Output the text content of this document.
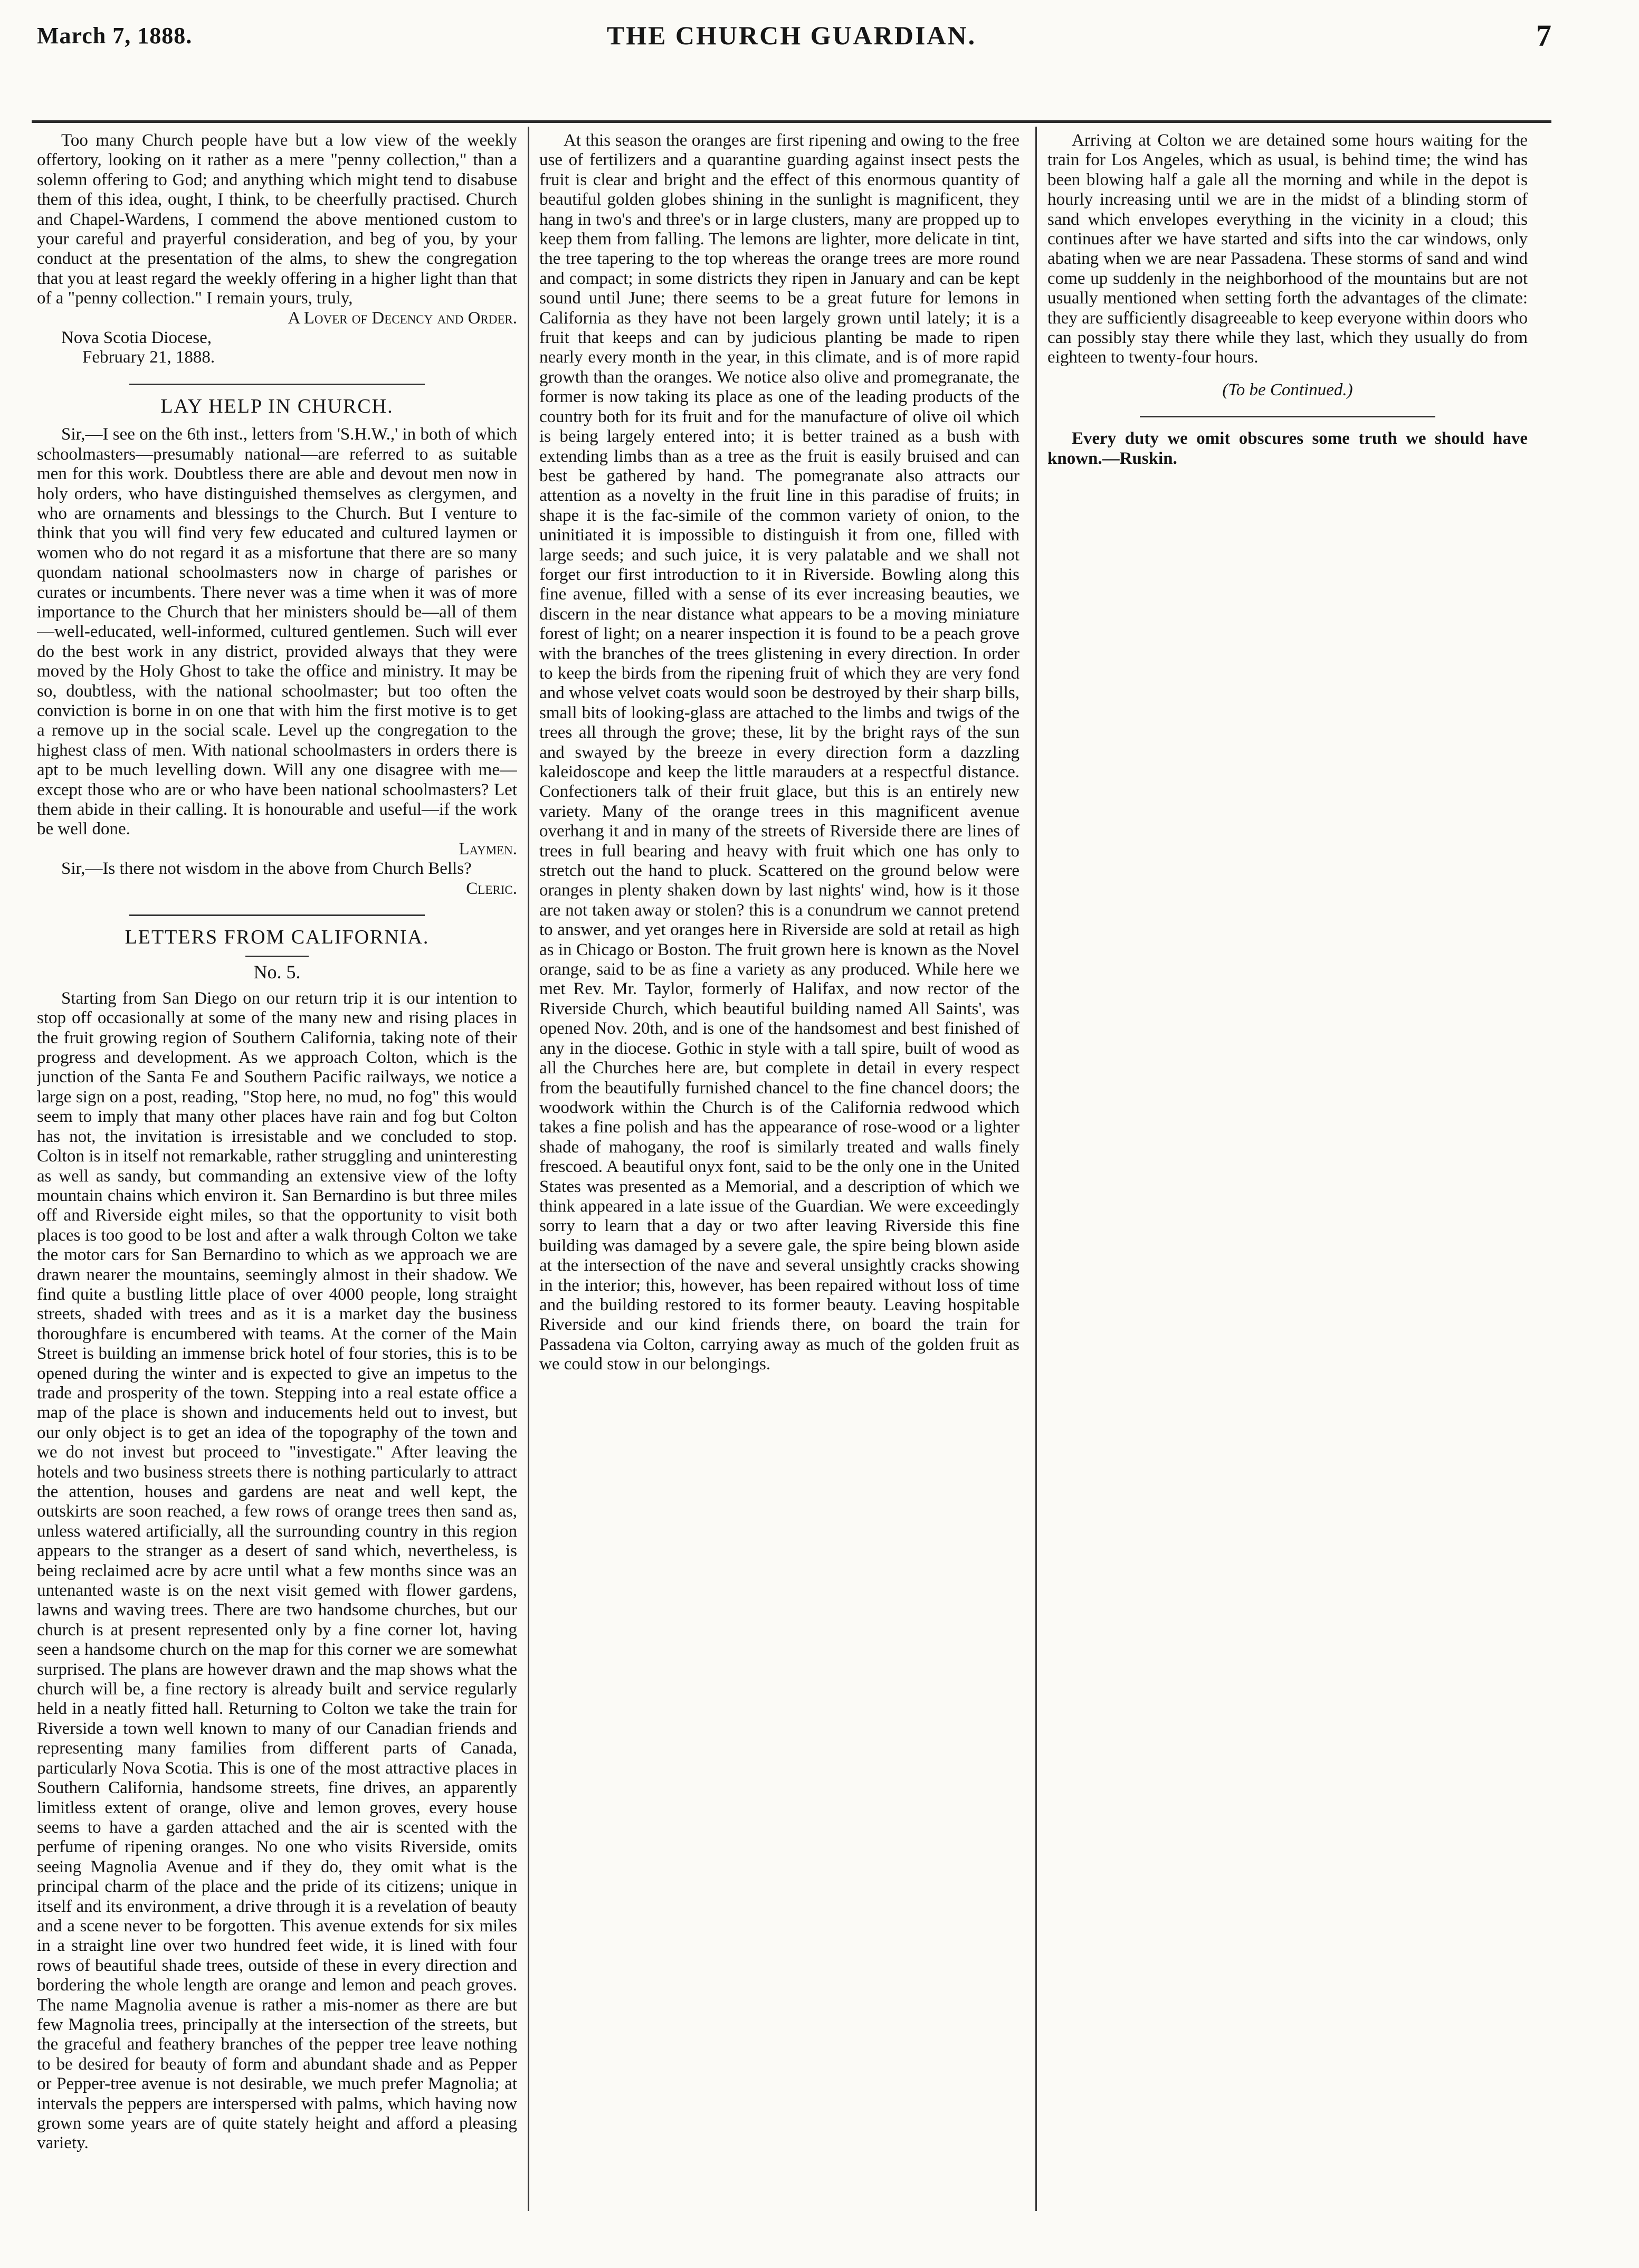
March 7, 1888.	THE CHURCH GUARDIAN.	7

Too many Church people have but a low view of the weekly offertory, looking on it rather as a mere "penny collection," than a solemn offering to God; and anything which might tend to disabuse them of this idea, ought, I think, to be cheerfully practised. Church and Chapel-Wardens, I commend the above mentioned custom to your careful and prayerful consideration, and beg of you, by your conduct at the presentation of the alms, to shew the congregation that you at least regard the weekly offering in a higher light than that of a "penny collection." I remain yours, truly,

A Lover of Decency and Order.

Nova Scotia Diocese,
February 21, 1888.

LAY HELP IN CHURCH.

Sir,—I see on the 6th inst., letters from 'S.H.W.,' in both of which schoolmasters—presumably national—are referred to as suitable men for this work. Doubtless there are able and devout men now in holy orders, who have distinguished themselves as clergymen, and who are ornaments and blessings to the Church. But I venture to think that you will find very few educated and cultured laymen or women who do not regard it as a misfortune that there are so many quondam national schoolmasters now in charge of parishes or curates or incumbents. There never was a time when it was of more importance to the Church that her ministers should be—all of them—well-educated, well-informed, cultured gentlemen. Such will ever do the best work in any district, provided always that they were moved by the Holy Ghost to take the office and ministry. It may be so, doubtless, with the national schoolmaster; but too often the conviction is borne in on one that with him the first motive is to get a remove up in the social scale. Level up the congregation to the highest class of men. With national schoolmasters in orders there is apt to be much levelling down. Will any one disagree with me—except those who are or who have been national schoolmasters? Let them abide in their calling. It is honourable and useful—if the work be well done.

Laymen.

Sir,—Is there not wisdom in the above from Church Bells?

Cleric.

LETTERS FROM CALIFORNIA.
No. 5.

Starting from San Diego on our return trip it is our intention to stop off occasionally at some of the many new and rising places in the fruit growing region of Southern California, taking note of their progress and development. As we approach Colton, which is the junction of the Santa Fe and Southern Pacific railways, we notice a large sign on a post, reading, "Stop here, no mud, no fog" this would seem to imply that many other places have rain and fog but Colton has not, the invitation is irresistable and we concluded to stop. Colton is in itself not remarkable, rather struggling and uninteresting as well as sandy, but commanding an extensive view of the lofty mountain chains which environ it. San Bernardino is but three miles off and Riverside eight miles, so that the opportunity to visit both places is too good to be lost and after a walk through Colton we take the motor cars for San Bernardino to which as we approach we are drawn nearer the mountains, seemingly almost in their shadow. We find quite a bustling little place of over 4000 people, long straight streets, shaded with trees and as it is a market day the business thoroughfare is encumbered with teams. At the corner of the Main Street is building an immense brick hotel of four stories, this is to be opened during the winter and is expected to give an impetus to the trade and prosperity of the town. Stepping into a real estate office a map of the place is shown and inducements held out to invest, but our only object is to get an idea of the topography of the town and we do not invest but proceed to "investigate." After leaving the hotels and two business streets there is nothing particularly to attract the attention, houses and gardens are neat and well kept, the outskirts are soon reached, a few rows of orange trees then sand as, unless watered artificially, all the surrounding country in this region appears to the stranger as a desert of sand which, nevertheless, is being reclaimed acre by acre until what a few months since was an untenanted waste is on the next visit gemed with flower gardens, lawns and waving trees. There are two handsome churches, but our church is at present represented only by a fine corner lot, having seen a handsome church on the map for this corner we are somewhat surprised. The plans are however drawn and the map shows what the church will be, a fine rectory is already built and service regularly held in a neatly fitted hall. Returning to Colton we take the train for Riverside a town well known to many of our Canadian friends and representing many families from different parts of Canada, particularly Nova Scotia. This is one of the most attractive places in Southern California, handsome streets, fine drives, an apparently limitless extent of orange, olive and lemon groves, every house seems to have a garden attached and the air is scented with the perfume of ripening oranges. No one who visits Riverside, omits seeing Magnolia Avenue and if they do, they omit what is the principal charm of the place and the pride of its citizens; unique in itself and its environment, a drive through it is a revelation of beauty and a scene never to be forgotten. This avenue extends for six miles in a straight line over two hundred feet wide, it is lined with four rows of beautiful shade trees, outside of these in every direction and bordering the whole length are orange and lemon and peach groves. The name Magnolia avenue is rather a mis-nomer as there are but few Magnolia trees, principally at the intersection of the streets, but the graceful and feathery branches of the pepper tree leave nothing to be desired for beauty of form and abundant shade and as Pepper or Pepper-tree avenue is not desirable, we much prefer Magnolia; at intervals the peppers are interspersed with palms, which having now grown some years are of quite stately height and afford a pleasing variety.

At this season the oranges are first ripening and owing to the free use of fertilizers and a quarantine guarding against insect pests the fruit is clear and bright and the effect of this enormous quantity of beautiful golden globes shining in the sunlight is magnificent, they hang in two's and three's or in large clusters, many are propped up to keep them from falling. The lemons are lighter, more delicate in tint, the tree tapering to the top whereas the orange trees are more round and compact; in some districts they ripen in January and can be kept sound until June; there seems to be a great future for lemons in California as they have not been largely grown until lately; it is a fruit that keeps and can by judicious planting be made to ripen nearly every month in the year, in this climate, and is of more rapid growth than the oranges. We notice also olive and promegranate, the former is now taking its place as one of the leading products of the country both for its fruit and for the manufacture of olive oil which is being largely entered into; it is better trained as a bush with extending limbs than as a tree as the fruit is easily bruised and can best be gathered by hand. The pomegranate also attracts our attention as a novelty in the fruit line in this paradise of fruits; in shape it is the fac-simile of the common variety of onion, to the uninitiated it is impossible to distinguish it from one, filled with large seeds; and such juice, it is very palatable and we shall not forget our first introduction to it in Riverside. Bowling along this fine avenue, filled with a sense of its ever increasing beauties, we discern in the near distance what appears to be a moving miniature forest of light; on a nearer inspection it is found to be a peach grove with the branches of the trees glistening in every direction. In order to keep the birds from the ripening fruit of which they are very fond and whose velvet coats would soon be destroyed by their sharp bills, small bits of looking-glass are attached to the limbs and twigs of the trees all through the grove; these, lit by the bright rays of the sun and swayed by the breeze in every direction form a dazzling kaleidoscope and keep the little marauders at a respectful distance. Confectioners talk of their fruit glace, but this is an entirely new variety. Many of the orange trees in this magnificent avenue overhang it and in many of the streets of Riverside there are lines of trees in full bearing and heavy with fruit which one has only to stretch out the hand to pluck. Scattered on the ground below were oranges in plenty shaken down by last nights' wind, how is it those are not taken away or stolen? this is a conundrum we cannot pretend to answer, and yet oranges here in Riverside are sold at retail as high as in Chicago or Boston. The fruit grown here is known as the Novel orange, said to be as fine a variety as any produced. While here we met Rev. Mr. Taylor, formerly of Halifax, and now rector of the Riverside Church, which beautiful building named All Saints', was opened Nov. 20th, and is one of the handsomest and best finished of any in the diocese. Gothic in style with a tall spire, built of wood as all the Churches here are, but complete in detail in every respect from the beautifully furnished chancel to the fine chancel doors; the woodwork within the Church is of the California redwood which takes a fine polish and has the appearance of rose-wood or a lighter shade of mahogany, the roof is similarly treated and walls finely frescoed. A beautiful onyx font, said to be the only one in the United States was presented as a Memorial, and a description of which we think appeared in a late issue of the Guardian. We were exceedingly sorry to learn that a day or two after leaving Riverside this fine building was damaged by a severe gale, the spire being blown aside at the intersection of the nave and several unsightly cracks showing in the interior; this, however, has been repaired without loss of time and the building restored to its former beauty. Leaving hospitable Riverside and our kind friends there, on board the train for Passadena via Colton, carrying away as much of the golden fruit as we could stow in our belongings.

Arriving at Colton we are detained some hours waiting for the train for Los Angeles, which as usual, is behind time; the wind has been blowing half a gale all the morning and while in the depot is hourly increasing until we are in the midst of a blinding storm of sand which envelopes everything in the vicinity in a cloud; this continues after we have started and sifts into the car windows, only abating when we are near Passadena. These storms of sand and wind come up suddenly in the neighborhood of the mountains but are not usually mentioned when setting forth the advantages of the climate: they are sufficiently disagreeable to keep everyone within doors who can possibly stay there while they last, which they usually do from eighteen to twenty-four hours.

(To be Continued.)

Every duty we omit obscures some truth we should have known.—Ruskin.
